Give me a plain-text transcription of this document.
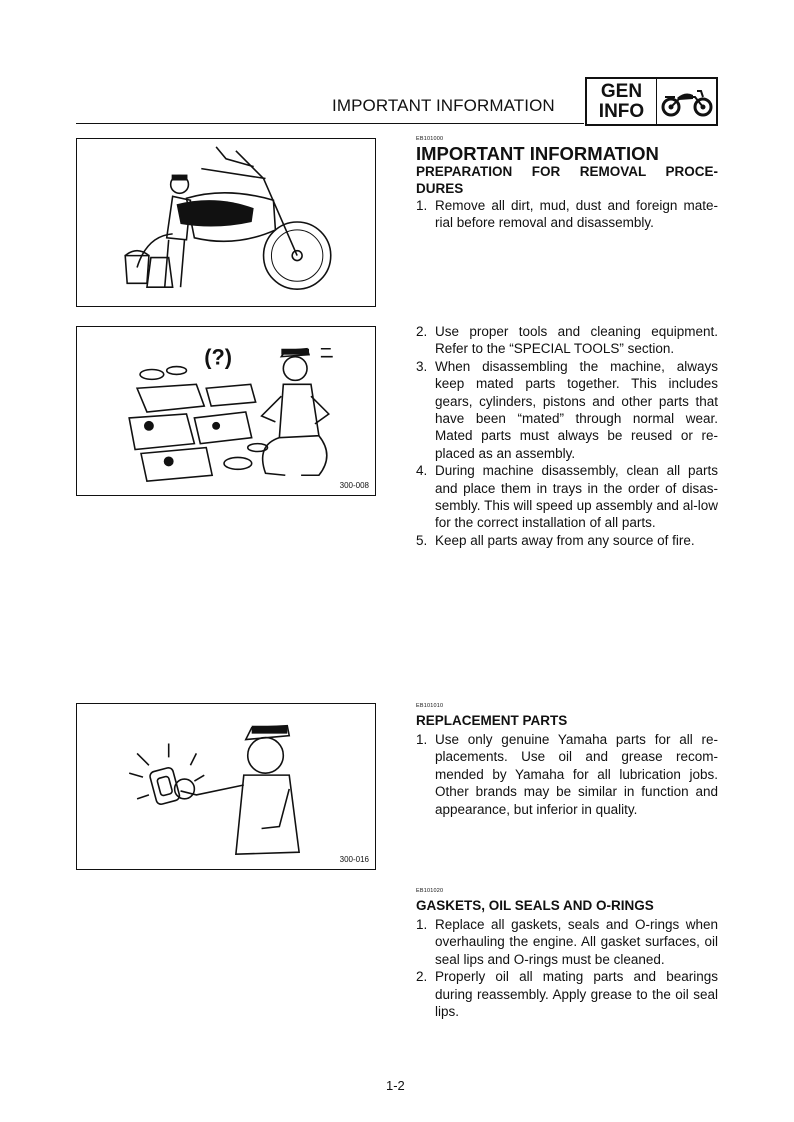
IMPORTANT INFORMATION
GEN
INFO
(?)
300-008
300-016
EB101000
IMPORTANT INFORMATION
PREPARATION FOR REMOVAL PROCE-DURES
1. Remove all dirt, mud, dust and foreign mate-rial before removal and disassembly.
2. Use proper tools and cleaning equipment. Refer to the “SPECIAL TOOLS” section.
3. When disassembling the machine, always keep mated parts together. This includes gears, cylinders, pistons and other parts that have been “mated” through normal wear. Mated parts must always be reused or re-placed as an assembly.
4. During machine disassembly, clean all parts and place them in trays in the order of disas-sembly. This will speed up assembly and al-low for the correct installation of all parts.
5. Keep all parts away from any source of fire.
EB101010
REPLACEMENT PARTS
1. Use only genuine Yamaha parts for all re-placements. Use oil and grease recom-mended by Yamaha for all lubrication jobs. Other brands may be similar in function and appearance, but inferior in quality.
EB101020
GASKETS, OIL SEALS AND O-RINGS
1. Replace all gaskets, seals and O-rings when overhauling the engine. All gasket surfaces, oil seal lips and O-rings must be cleaned.
2. Properly oil all mating parts and bearings during reassembly. Apply grease to the oil seal lips.
1-2
